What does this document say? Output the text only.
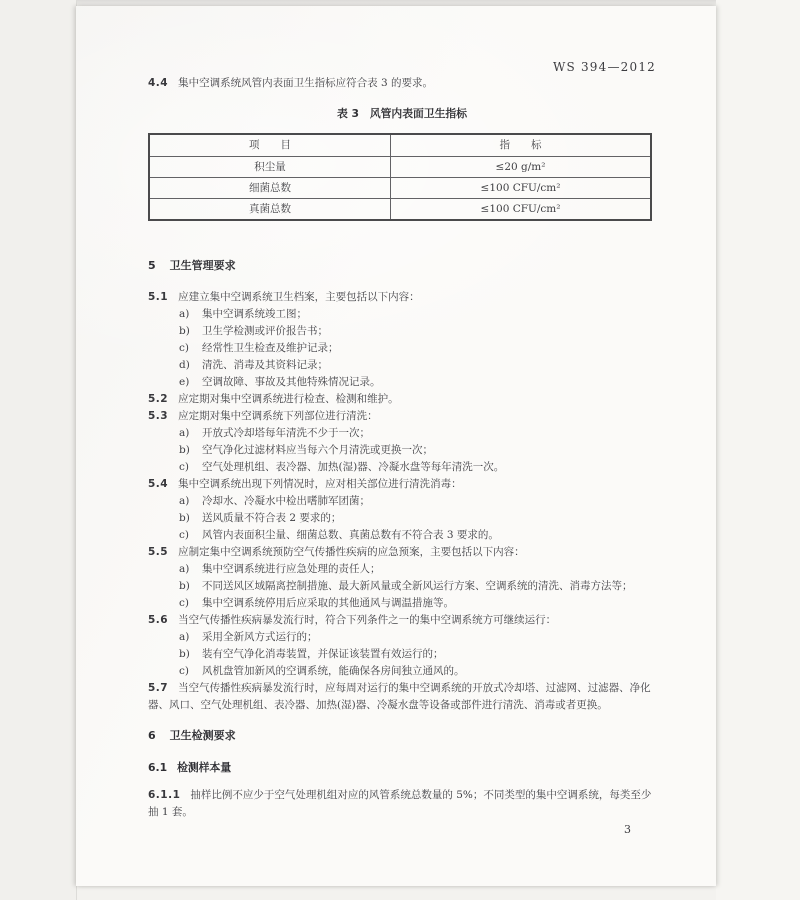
WS 394—2012

4.4 集中空调系统风管内表面卫生指标应符合表 3 的要求。

表 3　风管内表面卫生指标
项　　目	指　　标
积尘量	≤20 g/m²
细菌总数	≤100 CFU/cm²
真菌总数	≤100 CFU/cm²
5 卫生管理要求

5.1 应建立集中空调系统卫生档案，主要包括以下内容：

a) 集中空调系统竣工图；

b) 卫生学检测或评价报告书；

c) 经常性卫生检查及维护记录；

d) 清洗、消毒及其资料记录；

e) 空调故障、事故及其他特殊情况记录。

5.2 应定期对集中空调系统进行检查、检测和维护。

5.3 应定期对集中空调系统下列部位进行清洗：

a) 开放式冷却塔每年清洗不少于一次；

b) 空气净化过滤材料应当每六个月清洗或更换一次；

c) 空气处理机组、表冷器、加热(湿)器、冷凝水盘等每年清洗一次。

5.4 集中空调系统出现下列情况时，应对相关部位进行清洗消毒：

a) 冷却水、冷凝水中检出嗜肺军团菌；

b) 送风质量不符合表 2 要求的；

c) 风管内表面积尘量、细菌总数、真菌总数有不符合表 3 要求的。

5.5 应制定集中空调系统预防空气传播性疾病的应急预案，主要包括以下内容：

a) 集中空调系统进行应急处理的责任人；

b) 不同送风区域隔离控制措施、最大新风量或全新风运行方案、空调系统的清洗、消毒方法等；

c) 集中空调系统停用后应采取的其他通风与调温措施等。

5.6 当空气传播性疾病暴发流行时，符合下列条件之一的集中空调系统方可继续运行：

a) 采用全新风方式运行的；

b) 装有空气净化消毒装置，并保证该装置有效运行的；

c) 风机盘管加新风的空调系统，能确保各房间独立通风的。

5.7 当空气传播性疾病暴发流行时，应每周对运行的集中空调系统的开放式冷却塔、过滤网、过滤器、净化器、风口、空气处理机组、表冷器、加热(湿)器、冷凝水盘等设备或部件进行清洗、消毒或者更换。

6 卫生检测要求
6.1 检测样本量

6.1.1 抽样比例不应少于空气处理机组对应的风管系统总数量的 5%；不同类型的集中空调系统，每类至少抽 1 套。

3
